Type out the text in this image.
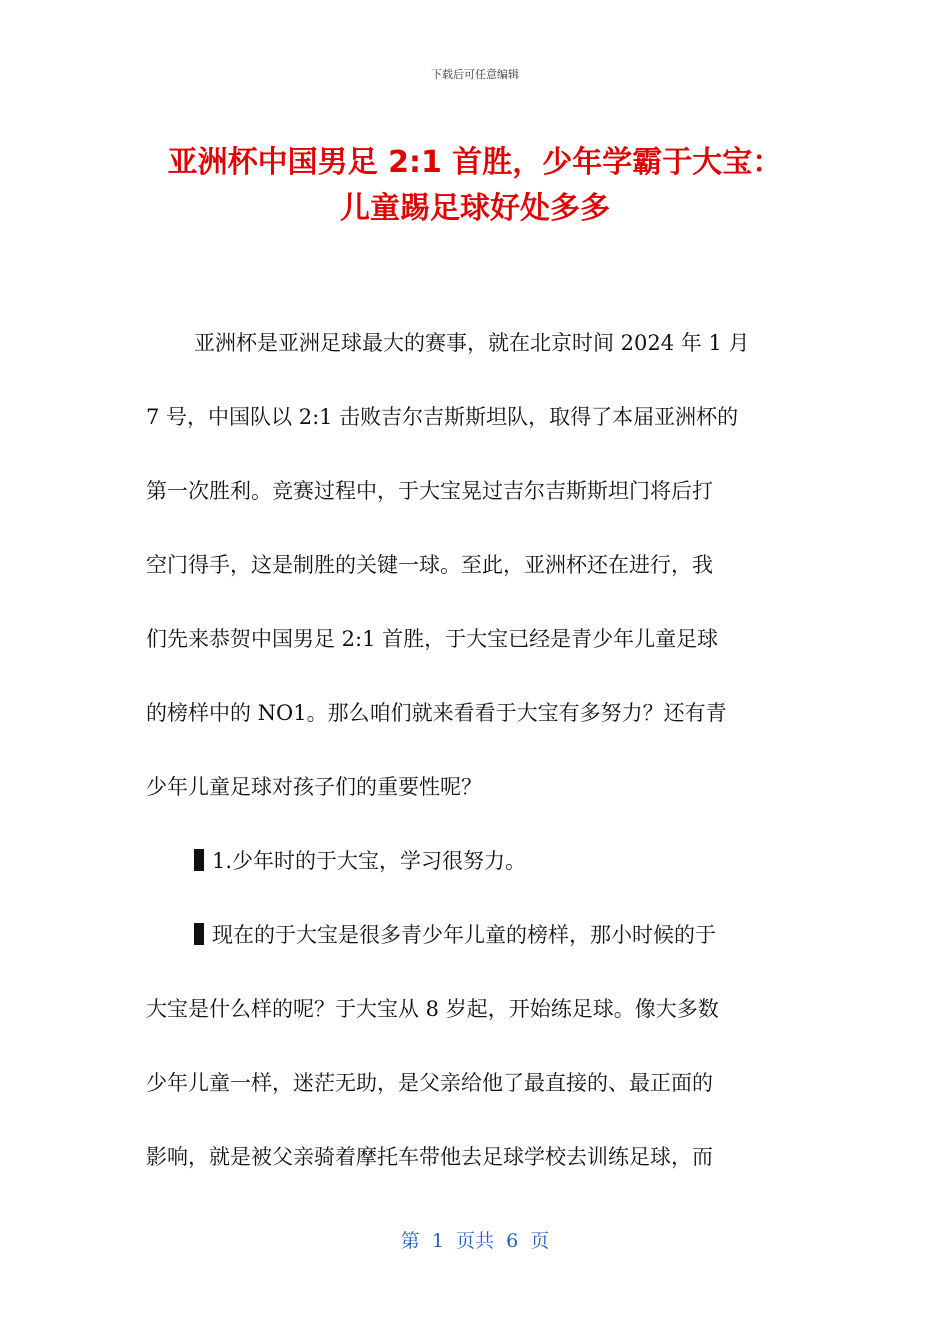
下载后可任意编辑
亚洲杯中国男足 2:1 首胜，少年学霸于大宝：
儿童踢足球好处多多
亚洲杯是亚洲足球最大的赛事，就在北京时间 2024 年 1 月
7 号，中国队以 2:1 击败吉尔吉斯斯坦队，取得了本届亚洲杯的
第一次胜利。竞赛过程中，于大宝晃过吉尔吉斯斯坦门将后打
空门得手，这是制胜的关键一球。至此，亚洲杯还在进行，我
们先来恭贺中国男足 2:1 首胜，于大宝已经是青少年儿童足球
的榜样中的 NO1。那么咱们就来看看于大宝有多努力？还有青
少年儿童足球对孩子们的重要性呢？
1.少年时的于大宝，学习很努力。
现在的于大宝是很多青少年儿童的榜样，那小时候的于
大宝是什么样的呢？于大宝从 8 岁起，开始练足球。像大多数
少年儿童一样，迷茫无助，是父亲给他了最直接的、最正面的
影响，就是被父亲骑着摩托车带他去足球学校去训练足球，而
第  1  页共  6  页
